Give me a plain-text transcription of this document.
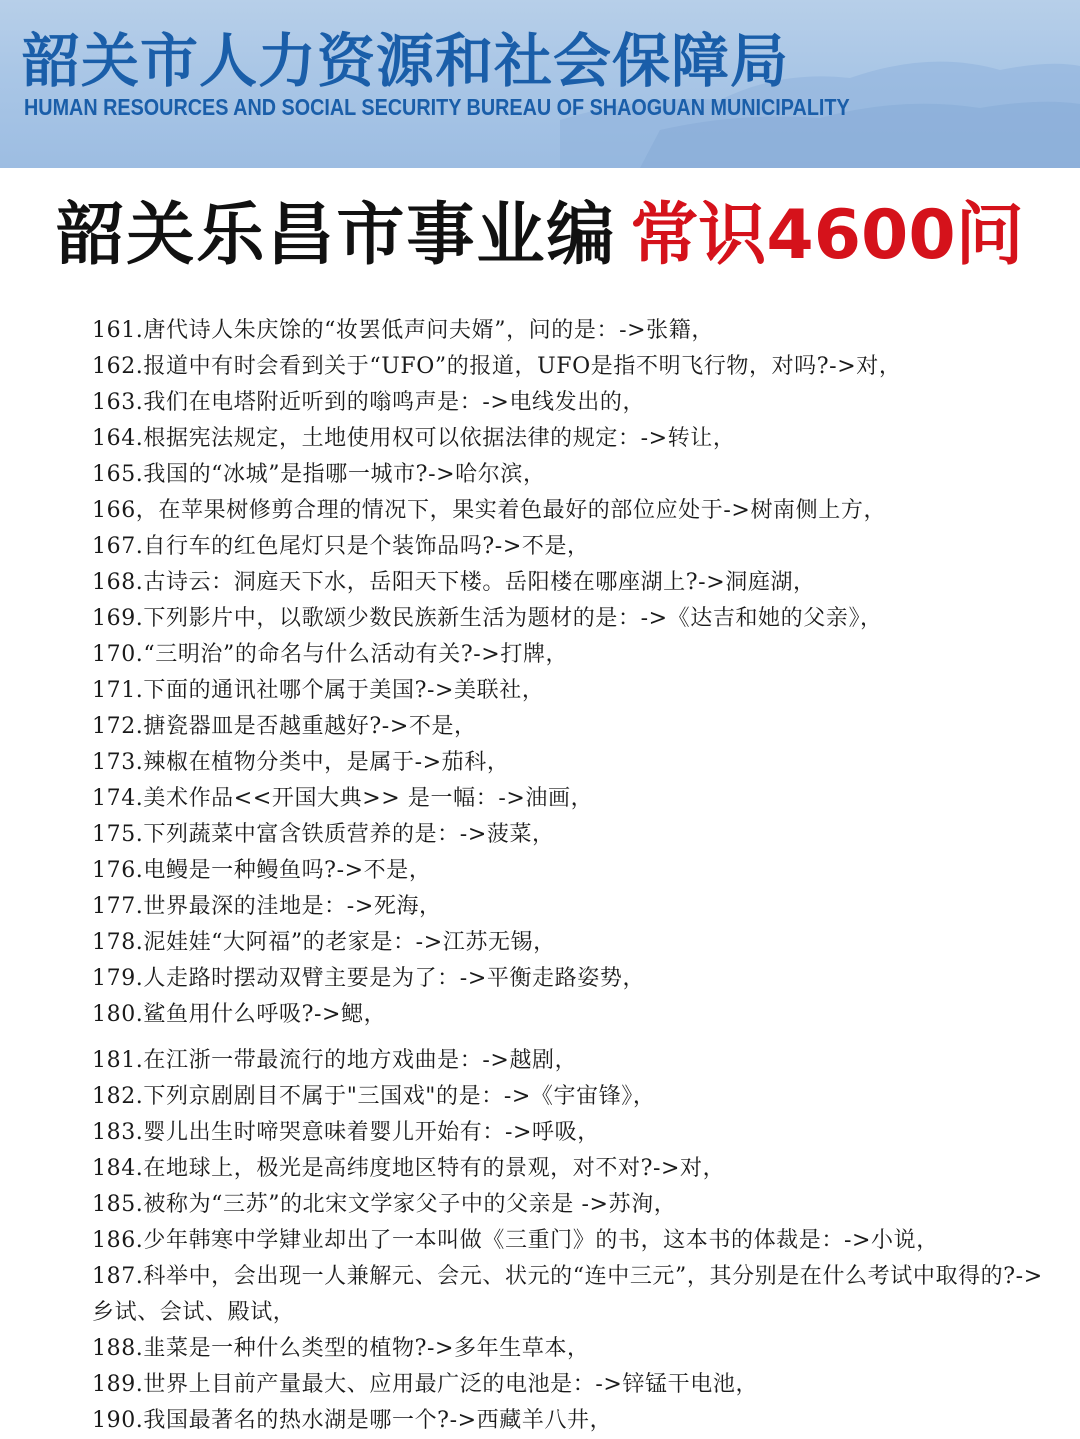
韶关市人力资源和社会保障局
HUMAN RESOURCES AND SOCIAL SECURITY BUREAU OF SHAOGUAN MUNICIPALITY
韶关乐昌市事业编 常识4600问
161.唐代诗人朱庆馀的“妆罢低声问夫婿”，问的是：->张籍，
162.报道中有时会看到关于“UFO”的报道，UFO是指不明飞行物，对吗?->对，
163.我们在电塔附近听到的嗡鸣声是：->电线发出的，
164.根据宪法规定，土地使用权可以依据法律的规定：->转让，
165.我国的“冰城”是指哪一城市?->哈尔滨，
166，在苹果树修剪合理的情况下，果实着色最好的部位应处于->树南侧上方，
167.自行车的红色尾灯只是个装饰品吗?->不是，
168.古诗云：洞庭天下水，岳阳天下楼。岳阳楼在哪座湖上?->洞庭湖，
169.下列影片中，以歌颂少数民族新生活为题材的是：->《达吉和她的父亲》，
170.“三明治”的命名与什么活动有关?->打牌，
171.下面的通讯社哪个属于美国?->美联社，
172.搪瓷器皿是否越重越好?->不是，
173.辣椒在植物分类中，是属于->茄科，
174.美术作品<<开国大典>> 是一幅：->油画，
175.下列蔬菜中富含铁质营养的是：->菠菜，
176.电鳗是一种鳗鱼吗?->不是，
177.世界最深的洼地是：->死海，
178.泥娃娃“大阿福”的老家是：->江苏无锡，
179.人走路时摆动双臂主要是为了：->平衡走路姿势，
180.鲨鱼用什么呼吸?->鳃，
181.在江浙一带最流行的地方戏曲是：->越剧，
182.下列京剧剧目不属于"三国戏"的是：->《宇宙锋》，
183.婴儿出生时啼哭意味着婴儿开始有：->呼吸，
184.在地球上，极光是高纬度地区特有的景观，对不对?->对，
185.被称为“三苏”的北宋文学家父子中的父亲是 ->苏洵，
186.少年韩寒中学肄业却出了一本叫做《三重门》的书，这本书的体裁是：->小说，
187.科举中，会出现一人兼解元、会元、状元的“连中三元”，其分别是在什么考试中取得的?->乡试、会试、殿试，
188.韭菜是一种什么类型的植物?->多年生草本，
189.世界上目前产量最大、应用最广泛的电池是：->锌锰干电池，
190.我国最著名的热水湖是哪一个?->西藏羊八井，
